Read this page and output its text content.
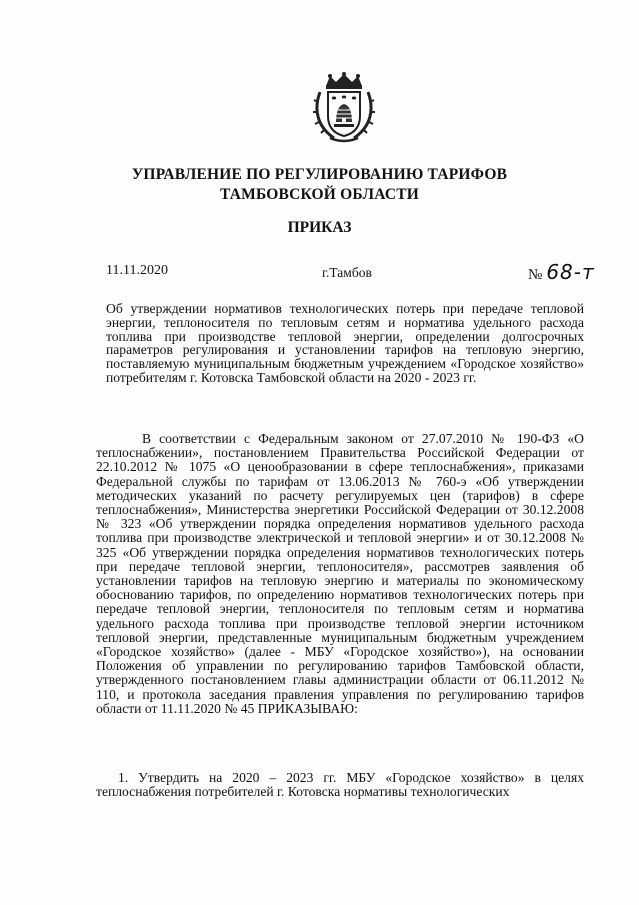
УПРАВЛЕНИЕ ПО РЕГУЛИРОВАНИЮ ТАРИФОВ
ТАМБОВСКОЙ ОБЛАСТИ
ПРИКАЗ
11.11.2020	г.Тамбов	№ 68-т
Об утверждении нормативов технологических потерь при передаче тепловой энергии, теплоносителя по тепловым сетям и норматива удельного расхода топлива при производстве тепловой энергии, определении долгосрочных параметров регулирования и установлении тарифов на тепловую энергию, поставляемую муниципальным бюджетным учреждением «Городское хозяйство» потребителям г. Котовска Тамбовской области на 2020 - 2023 гг.
В соответствии с Федеральным законом от 27.07.2010 № 190-ФЗ «О теплоснабжении», постановлением Правительства Российской Федерации от 22.10.2012 № 1075 «О ценообразовании в сфере теплоснабжения», приказами Федеральной службы по тарифам от 13.06.2013 № 760-э «Об утверждении методических указаний по расчету регулируемых цен (тарифов) в сфере теплоснабжения», Министерства энергетики Российской Федерации от 30.12.2008 № 323 «Об утверждении порядка определения нормативов удельного расхода топлива при производстве электрической и тепловой энергии» и от 30.12.2008 № 325 «Об утверждении порядка определения нормативов технологических потерь при передаче тепловой энергии, теплоносителя», рассмотрев заявления об установлении тарифов на тепловую энергию и материалы по экономическому обоснованию тарифов, по определению нормативов технологических потерь при передаче тепловой энергии, теплоносителя по тепловым сетям и норматива удельного расхода топлива при производстве тепловой энергии источником тепловой энергии, представленные муниципальным бюджетным учреждением «Городское хозяйство» (далее - МБУ «Городское хозяйство»), на основании Положения об управлении по регулированию тарифов Тамбовской области, утвержденного постановлением главы администрации области от 06.11.2012 № 110, и протокола заседания правления управления по регулированию тарифов области от 11.11.2020 № 45 ПРИКАЗЫВАЮ:
1. Утвердить на 2020 – 2023 гг. МБУ «Городское хозяйство» в целях теплоснабжения потребителей г. Котовска нормативы технологических
